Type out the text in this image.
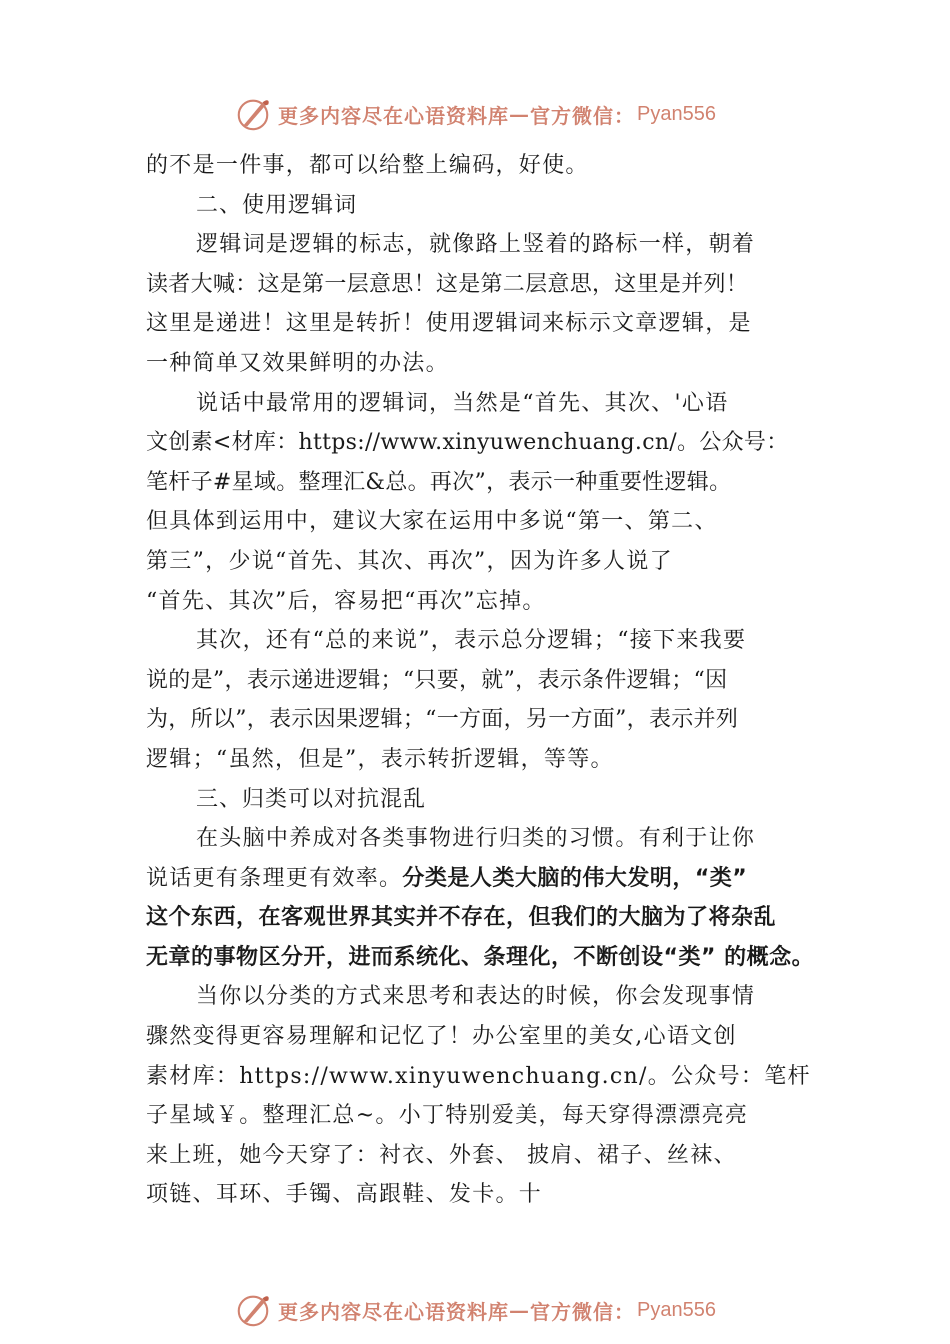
更多内容尽在心语资料库 — 官方微信： Pyan556
的不是一件事，都可以给整上编码，好使。
二、使用逻辑词
逻辑词是逻辑的标志，就像路上竖着的路标一样，朝着
读者大喊：这是第一层意思！这是第二层意思，这里是并列！
这里是递进！这里是转折！使用逻辑词来标示文章逻辑，是
一种简单又效果鲜明的办法。
说话中最常用的逻辑词，当然是“首先、其次、'心语
文创素<材库：https://www.xinyuwenchuang.cn/。公众号：
笔杆子#星域。整理汇&总。再次”，表示一种重要性逻辑。
但具体到运用中，建议大家在运用中多说“第一、第二、
第三”，少说“首先、其次、再次”，因为许多人说了
“首先、其次”后，容易把“再次”忘掉。
其次，还有“总的来说”，表示总分逻辑；“接下来我要
说的是”，表示递进逻辑；“只要，就”，表示条件逻辑；“因
为，所以”，表示因果逻辑；“一方面，另一方面”，表示并列
逻辑；“虽然，但是”，表示转折逻辑，等等。
三、归类可以对抗混乱
在头脑中养成对各类事物进行归类的习惯。有利于让你
说话更有条理更有效率。分类是人类大脑的伟大发明，“类”
这个东西，在客观世界其实并不存在，但我们的大脑为了将杂乱
无章的事物区分开，进而系统化、条理化，不断创设“类” 的概念。
当你以分类的方式来思考和表达的时候，你会发现事情
骤然变得更容易理解和记忆了！办公室里的美女,心语文创
素材库：https://www.xinyuwenchuang.cn/。公众号：笔杆
子星域￥。整理汇总~。小丁特别爱美，每天穿得漂漂亮亮
来上班，她今天穿了：衬衣、外套、 披肩、裙子、丝袜、
项链、耳环、手镯、高跟鞋、发卡。十
更多内容尽在心语资料库 — 官方微信： Pyan556
